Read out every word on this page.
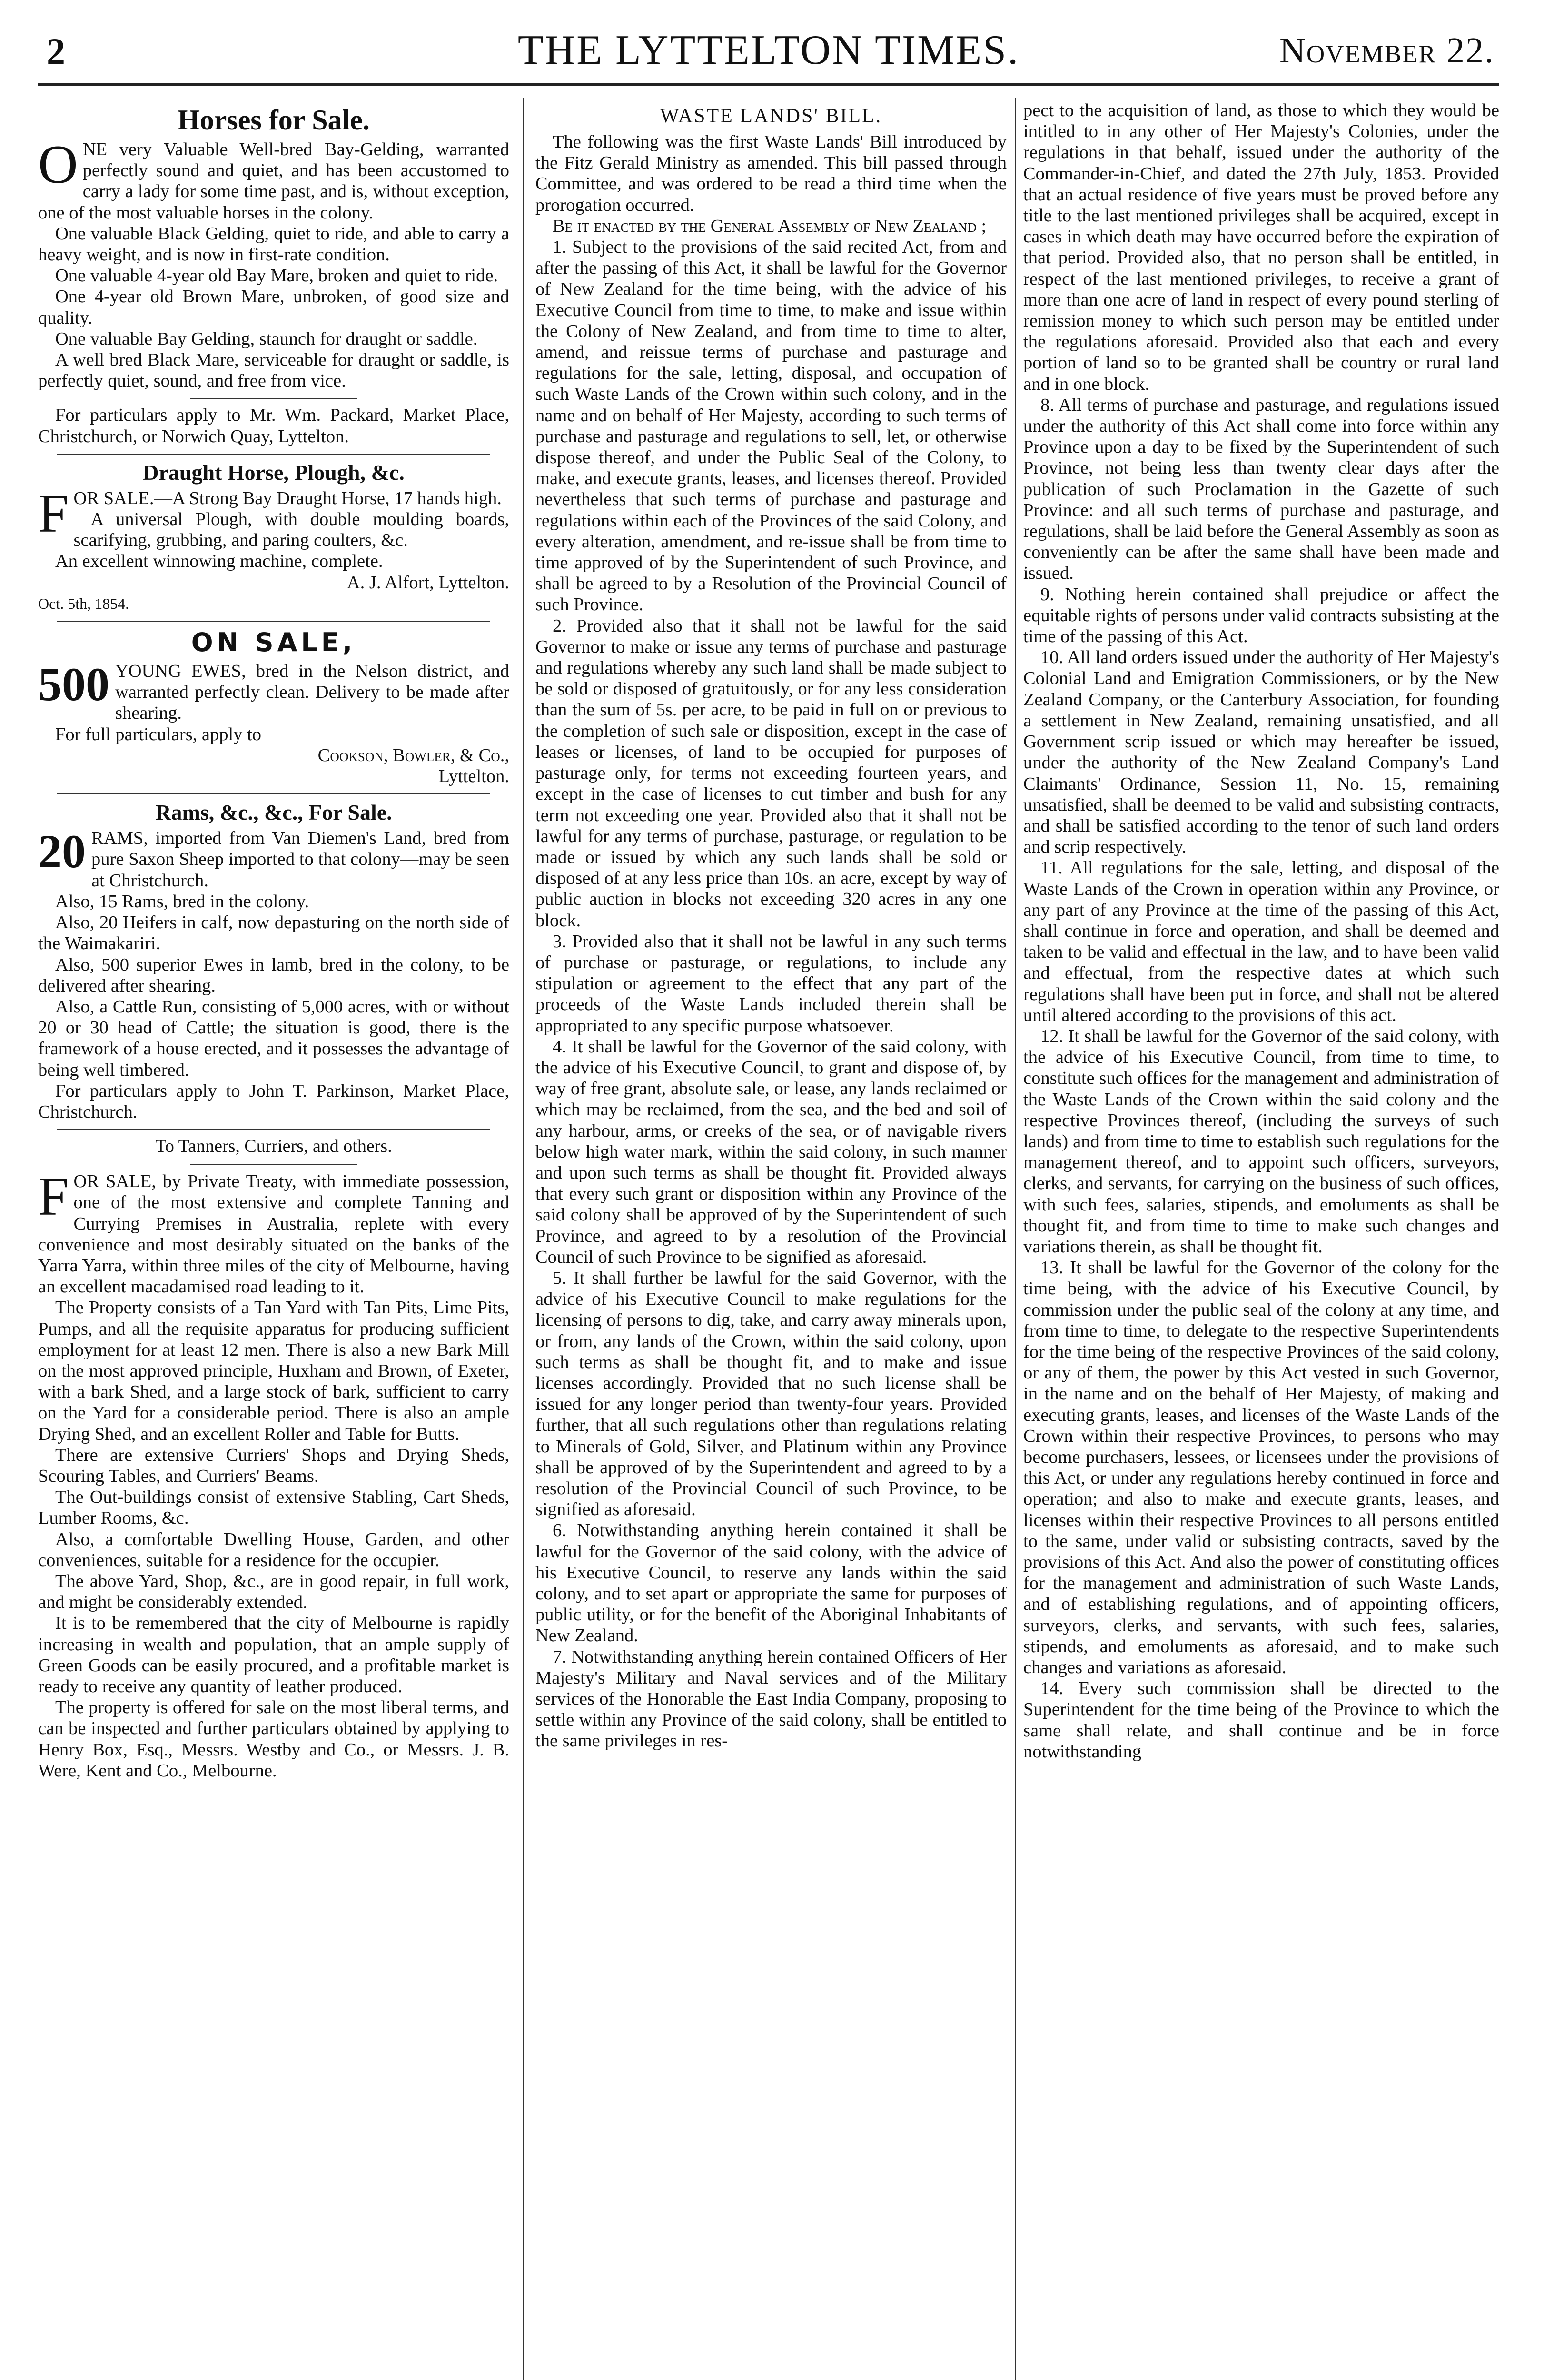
2	THE LYTTELTON TIMES.	November 22.
Horses for Sale.

ONE very Valuable Well-bred Bay-Gelding, warranted perfectly sound and quiet, and has been accustomed to carry a lady for some time past, and is, without exception, one of the most valuable horses in the colony.

One valuable Black Gelding, quiet to ride, and able to carry a heavy weight, and is now in first-rate condition.

One valuable 4-year old Bay Mare, broken and quiet to ride.

One 4-year old Brown Mare, unbroken, of good size and quality.

One valuable Bay Gelding, staunch for draught or saddle.

A well bred Black Mare, serviceable for draught or saddle, is perfectly quiet, sound, and free from vice.

For particulars apply to Mr. Wm. Packard, Market Place, Christchurch, or Norwich Quay, Lyttelton.

Draught Horse, Plough, &c.

FOR SALE.—A Strong Bay Draught Horse, 17 hands high.

A universal Plough, with double moulding boards, scarifying, grubbing, and paring coulters, &c.

An excellent winnowing machine, complete.

A. J. Alfort, Lyttelton.

Oct. 5th, 1854.

ON SALE,

500 YOUNG EWES, bred in the Nelson district, and warranted perfectly clean. Delivery to be made after shearing.

For full particulars, apply to

Cookson, Bowler, & Co.,

Lyttelton.

Rams, &c., &c., For Sale.

20 RAMS, imported from Van Diemen's Land, bred from pure Saxon Sheep imported to that colony—may be seen at Christchurch.

Also, 15 Rams, bred in the colony.

Also, 20 Heifers in calf, now depasturing on the north side of the Waimakariri.

Also, 500 superior Ewes in lamb, bred in the colony, to be delivered after shearing.

Also, a Cattle Run, consisting of 5,000 acres, with or without 20 or 30 head of Cattle; the situation is good, there is the framework of a house erected, and it possesses the advantage of being well timbered.

For particulars apply to John T. Parkinson, Market Place, Christchurch.

To Tanners, Curriers, and others.

FOR SALE, by Private Treaty, with immediate possession, one of the most extensive and complete Tanning and Currying Premises in Australia, replete with every convenience and most desirably situated on the banks of the Yarra Yarra, within three miles of the city of Melbourne, having an excellent macadamised road leading to it.

The Property consists of a Tan Yard with Tan Pits, Lime Pits, Pumps, and all the requisite apparatus for producing sufficient employment for at least 12 men. There is also a new Bark Mill on the most approved principle, Huxham and Brown, of Exeter, with a bark Shed, and a large stock of bark, sufficient to carry on the Yard for a considerable period. There is also an ample Drying Shed, and an excellent Roller and Table for Butts.

There are extensive Curriers' Shops and Drying Sheds, Scouring Tables, and Curriers' Beams.

The Out-buildings consist of extensive Stabling, Cart Sheds, Lumber Rooms, &c.

Also, a comfortable Dwelling House, Garden, and other conveniences, suitable for a residence for the occupier.

The above Yard, Shop, &c., are in good repair, in full work, and might be considerably extended.

It is to be remembered that the city of Melbourne is rapidly increasing in wealth and population, that an ample supply of Green Goods can be easily procured, and a profitable market is ready to receive any quantity of leather produced.

The property is offered for sale on the most liberal terms, and can be inspected and further particulars obtained by applying to Henry Box, Esq., Messrs. Westby and Co., or Messrs. J. B. Were, Kent and Co., Melbourne.

WASTE LANDS' BILL.

The following was the first Waste Lands' Bill introduced by the Fitz Gerald Ministry as amended. This bill passed through Committee, and was ordered to be read a third time when the prorogation occurred.

Be it enacted by the General Assembly of New Zealand ;

1. Subject to the provisions of the said recited Act, from and after the passing of this Act, it shall be lawful for the Governor of New Zealand for the time being, with the advice of his Executive Council from time to time, to make and issue within the Colony of New Zealand, and from time to time to alter, amend, and reissue terms of purchase and pasturage and regulations for the sale, letting, disposal, and occupation of such Waste Lands of the Crown within such colony, and in the name and on behalf of Her Majesty, according to such terms of purchase and pasturage and regulations to sell, let, or otherwise dispose thereof, and under the Public Seal of the Colony, to make, and execute grants, leases, and licenses thereof. Provided nevertheless that such terms of purchase and pasturage and regulations within each of the Provinces of the said Colony, and every alteration, amendment, and re-issue shall be from time to time approved of by the Superintendent of such Province, and shall be agreed to by a Resolution of the Provincial Council of such Province.

2. Provided also that it shall not be lawful for the said Governor to make or issue any terms of purchase and pasturage and regulations whereby any such land shall be made subject to be sold or disposed of gratuitously, or for any less consideration than the sum of 5s. per acre, to be paid in full on or previous to the completion of such sale or disposition, except in the case of leases or licenses, of land to be occupied for purposes of pasturage only, for terms not exceeding fourteen years, and except in the case of licenses to cut timber and bush for any term not exceeding one year. Provided also that it shall not be lawful for any terms of purchase, pasturage, or regulation to be made or issued by which any such lands shall be sold or disposed of at any less price than 10s. an acre, except by way of public auction in blocks not exceeding 320 acres in any one block.

3. Provided also that it shall not be lawful in any such terms of purchase or pasturage, or regulations, to include any stipulation or agreement to the effect that any part of the proceeds of the Waste Lands included therein shall be appropriated to any specific purpose whatsoever.

4. It shall be lawful for the Governor of the said colony, with the advice of his Executive Council, to grant and dispose of, by way of free grant, absolute sale, or lease, any lands reclaimed or which may be reclaimed, from the sea, and the bed and soil of any harbour, arms, or creeks of the sea, or of navigable rivers below high water mark, within the said colony, in such manner and upon such terms as shall be thought fit. Provided always that every such grant or disposition within any Province of the said colony shall be approved of by the Superintendent of such Province, and agreed to by a resolution of the Provincial Council of such Province to be signified as aforesaid.

5. It shall further be lawful for the said Governor, with the advice of his Executive Council to make regulations for the licensing of persons to dig, take, and carry away minerals upon, or from, any lands of the Crown, within the said colony, upon such terms as shall be thought fit, and to make and issue licenses accordingly. Provided that no such license shall be issued for any longer period than twenty-four years. Provided further, that all such regulations other than regulations relating to Minerals of Gold, Silver, and Platinum within any Province shall be approved of by the Superintendent and agreed to by a resolution of the Provincial Council of such Province, to be signified as aforesaid.

6. Notwithstanding anything herein contained it shall be lawful for the Governor of the said colony, with the advice of his Executive Council, to reserve any lands within the said colony, and to set apart or appropriate the same for purposes of public utility, or for the benefit of the Aboriginal Inhabitants of New Zealand.

7. Notwithstanding anything herein contained Officers of Her Majesty's Military and Naval services and of the Military services of the Honorable the East India Company, proposing to settle within any Province of the said colony, shall be entitled to the same privileges in res-

pect to the acquisition of land, as those to which they would be intitled to in any other of Her Majesty's Colonies, under the regulations in that behalf, issued under the authority of the Commander-in-Chief, and dated the 27th July, 1853. Provided that an actual residence of five years must be proved before any title to the last mentioned privileges shall be acquired, except in cases in which death may have occurred before the expiration of that period. Provided also, that no person shall be entitled, in respect of the last mentioned privileges, to receive a grant of more than one acre of land in respect of every pound sterling of remission money to which such person may be entitled under the regulations aforesaid. Provided also that each and every portion of land so to be granted shall be country or rural land and in one block.

8. All terms of purchase and pasturage, and regulations issued under the authority of this Act shall come into force within any Province upon a day to be fixed by the Superintendent of such Province, not being less than twenty clear days after the publication of such Proclamation in the Gazette of such Province: and all such terms of purchase and pasturage, and regulations, shall be laid before the General Assembly as soon as conveniently can be after the same shall have been made and issued.

9. Nothing herein contained shall prejudice or affect the equitable rights of persons under valid contracts subsisting at the time of the passing of this Act.

10. All land orders issued under the authority of Her Majesty's Colonial Land and Emigration Commissioners, or by the New Zealand Company, or the Canterbury Association, for founding a settlement in New Zealand, remaining unsatisfied, and all Government scrip issued or which may hereafter be issued, under the authority of the New Zealand Company's Land Claimants' Ordinance, Session 11, No. 15, remaining unsatisfied, shall be deemed to be valid and subsisting contracts, and shall be satisfied according to the tenor of such land orders and scrip respectively.

11. All regulations for the sale, letting, and disposal of the Waste Lands of the Crown in operation within any Province, or any part of any Province at the time of the passing of this Act, shall continue in force and operation, and shall be deemed and taken to be valid and effectual in the law, and to have been valid and effectual, from the respective dates at which such regulations shall have been put in force, and shall not be altered until altered according to the provisions of this act.

12. It shall be lawful for the Governor of the said colony, with the advice of his Executive Council, from time to time, to constitute such offices for the management and administration of the Waste Lands of the Crown within the said colony and the respective Provinces thereof, (including the surveys of such lands) and from time to time to establish such regulations for the management thereof, and to appoint such officers, surveyors, clerks, and servants, for carrying on the business of such offices, with such fees, salaries, stipends, and emoluments as shall be thought fit, and from time to time to make such changes and variations therein, as shall be thought fit.

13. It shall be lawful for the Governor of the colony for the time being, with the advice of his Executive Council, by commission under the public seal of the colony at any time, and from time to time, to delegate to the respective Superintendents for the time being of the respective Provinces of the said colony, or any of them, the power by this Act vested in such Governor, in the name and on the behalf of Her Majesty, of making and executing grants, leases, and licenses of the Waste Lands of the Crown within their respective Provinces, to persons who may become purchasers, lessees, or licensees under the provisions of this Act, or under any regulations hereby continued in force and operation; and also to make and execute grants, leases, and licenses within their respective Provinces to all persons entitled to the same, under valid or subsisting contracts, saved by the provisions of this Act. And also the power of constituting offices for the management and administration of such Waste Lands, and of establishing regulations, and of appointing officers, surveyors, clerks, and servants, with such fees, salaries, stipends, and emoluments as aforesaid, and to make such changes and variations as aforesaid.

14. Every such commission shall be directed to the Superintendent for the time being of the Province to which the same shall relate, and shall continue and be in force notwithstanding
